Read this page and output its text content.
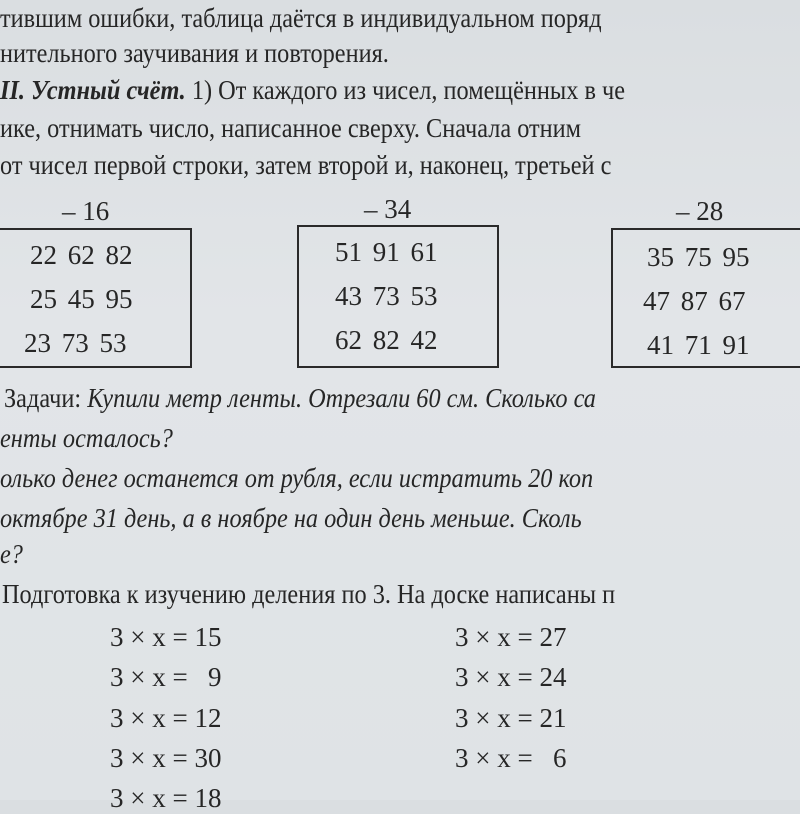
тившим ошибки, таблица даётся в индивидуальном поряд
нительного заучивания и повторения.
II. Устный счёт. 1) От каждого из чисел, помещённых в че
ике, отнимать число, написанное сверху. Сначала отним
от чисел первой строки, затем второй и, наконец, третьей с
– 16
22 62 82
25 45 95
23 73 53
– 34
51 91 61
43 73 53
62 82 42
– 28
35 75 95
47 87 67
41 71 91
Задачи: Купили метр ленты. Отрезали 60 см. Сколько са
енты осталось?
олько денег останется от рубля, если истратить 20 коп
октябре 31 день, а в ноябре на один день меньше. Сколь
е?
Подготовка к изучению деления по 3. На доске написаны п
3 × x = 15
3 × x =   9
3 × x = 12
3 × x = 30
3 × x = 18
3 × x = 27
3 × x = 24
3 × x = 21
3 × x =   6
